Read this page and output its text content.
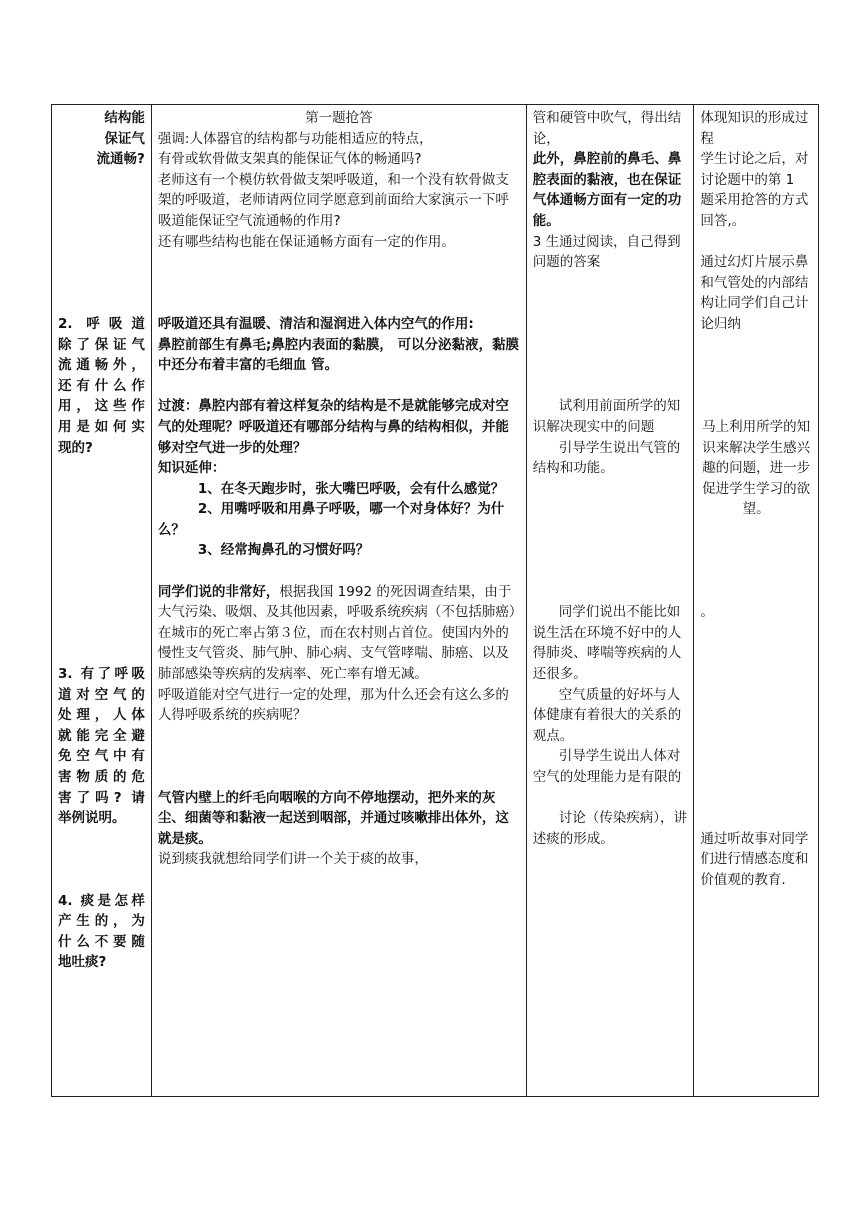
结构能
保证气
流通畅?
2. 呼吸道
除了保证气
流通畅外，
还有什么作
用，这些作
用是如何实
现的?
3. 有了呼吸
道对空气的
处理，人体
就能完全避
免空气中有
害物质的危
害了吗? 请
举例说明。
4. 痰是怎样
产生的，为
什么不要随
地吐痰?

第一题抢答
强调:人体器官的结构都与功能相适应的特点，
有骨或软骨做支架真的能保证气体的畅通吗?
老师这有一个模仿软骨做支架呼吸道，和一个没有软骨做支架的呼吸道，老师请两位同学愿意到前面给大家演示一下呼吸道能保证空气流通畅的作用?
还有哪些结构也能在保证通畅方面有一定的作用。
呼吸道还具有温暖、清洁和湿润进入体内空气的作用:
鼻腔前部生有鼻毛;鼻腔内表面的黏膜， 可以分泌黏液，黏膜中还分布着丰富的毛细血 管。
过渡：鼻腔内部有着这样复杂的结构是不是就能够完成对空气的处理呢？呼吸道还有哪部分结构与鼻的结构相似，并能够对空气进一步的处理？
知识延伸：
1、在冬天跑步时，张大嘴巴呼吸，会有什么感觉？
2、用嘴呼吸和用鼻子呼吸，哪一个对身体好？为什么？
3、经常掏鼻孔的习惯好吗？
同学们说的非常好，根据我国 1992 的死因调查结果，由于大气污染、吸烟、及其他因素，呼吸系统疾病（不包括肺癌）在城市的死亡率占第３位，而在农村则占首位。使国内外的慢性支气管炎、肺气肿、肺心病、支气管哮喘、肺癌、以及肺部感染等疾病的发病率、死亡率有增无减。
呼吸道能对空气进行一定的处理，那为什么还会有这么多的人得呼吸系统的疾病呢？
气管内壁上的纤毛向咽喉的方向不停地摆动，把外来的灰尘、细菌等和黏液一起送到咽部，并通过咳嗽排出体外，这就是痰。
说到痰我就想给同学们讲一个关于痰的故事，

管和硬管中吹气，得出结论，
此外，鼻腔前的鼻毛、鼻腔表面的黏液，也在保证气体通畅方面有一定的功能。
3 生通过阅读，自己得到问题的答案
试利用前面所学的知识解决现实中的问题
引导学生说出气管的结构和功能。
同学们说出不能比如说生活在环境不好中的人得肺炎、哮喘等疾病的人还很多。
空气质量的好坏与人体健康有着很大的关系的观点。
引导学生说出人体对空气的处理能力是有限的
讨论（传染疾病），讲述痰的形成。

体现知识的形成过程
学生讨论之后，对讨论题中的第 1 题采用抢答的方式回答,。
通过幻灯片展示鼻和气管处的内部结构让同学们自己计论归纳
马上利用所学的知识来解决学生感兴趣的问题，进一步促进学生学习的欲望。
。
通过听故事对同学们进行情感态度和价值观的教育.
